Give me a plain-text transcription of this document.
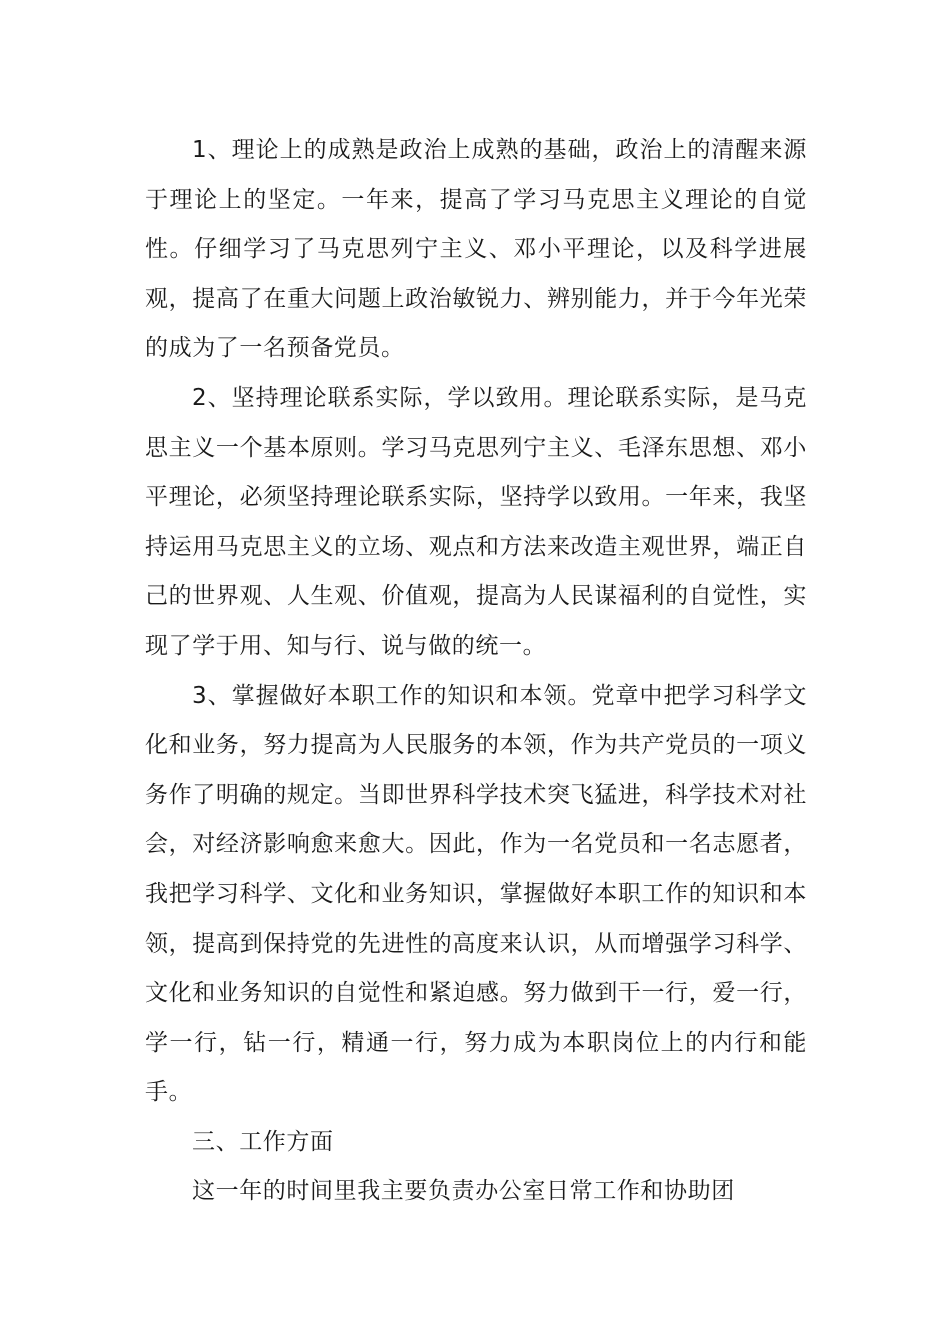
1、理论上的成熟是政治上成熟的基础，政治上的清醒来源于理论上的坚定。一年来，提高了学习马克思主义理论的自觉性。仔细学习了马克思列宁主义、邓小平理论，以及科学进展观，提高了在重大问题上政治敏锐力、辨别能力，并于今年光荣的成为了一名预备党员。

2、坚持理论联系实际，学以致用。理论联系实际，是马克思主义一个基本原则。学习马克思列宁主义、毛泽东思想、邓小平理论，必须坚持理论联系实际，坚持学以致用。一年来，我坚持运用马克思主义的立场、观点和方法来改造主观世界，端正自己的世界观、人生观、价值观，提高为人民谋福利的自觉性，实现了学于用、知与行、说与做的统一。

3、掌握做好本职工作的知识和本领。党章中把学习科学文化和业务，努力提高为人民服务的本领，作为共产党员的一项义务作了明确的规定。当即世界科学技术突飞猛进，科学技术对社会，对经济影响愈来愈大。因此，作为一名党员和一名志愿者，我把学习科学、文化和业务知识，掌握做好本职工作的知识和本领，提高到保持党的先进性的高度来认识，从而增强学习科学、文化和业务知识的自觉性和紧迫感。努力做到干一行，爱一行，学一行，钻一行，精通一行，努力成为本职岗位上的内行和能手。

三、工作方面

这一年的时间里我主要负责办公室日常工作和协助团
